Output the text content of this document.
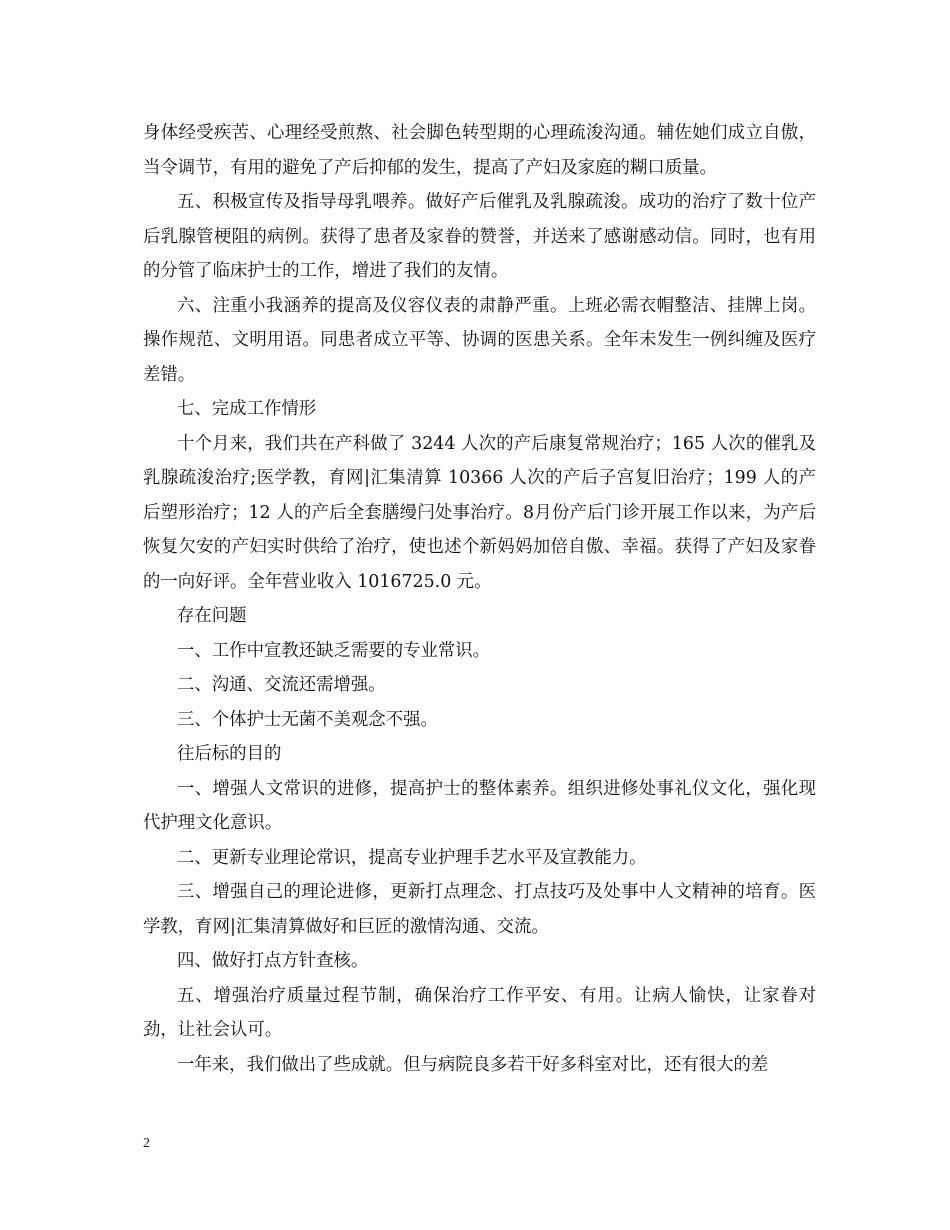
身体经受疾苦、心理经受煎熬、社会脚色转型期的心理疏浚沟通。辅佐她们成立自傲，当令调节，有用的避免了产后抑郁的发生，提高了产妇及家庭的糊口质量。

五、积极宣传及指导母乳喂养。做好产后催乳及乳腺疏浚。成功的治疗了数十位产后乳腺管梗阻的病例。获得了患者及家眷的赞誉，并送来了感谢感动信。同时，也有用的分管了临床护士的工作，增进了我们的友情。

六、注重小我涵养的提高及仪容仪表的肃静严重。上班必需衣帽整洁、挂牌上岗。操作规范、文明用语。同患者成立平等、协调的医患关系。全年未发生一例纠缠及医疗差错。

七、完成工作情形

十个月来，我们共在产科做了 3244 人次的产后康复常规治疗；165 人次的催乳及乳腺疏浚治疗;医学教，育网|汇集清算 10366 人次的产后子宫复旧治疗；199 人的产后塑形治疗；12 人的产后全套膳缦闩处事治疗。8月份产后门诊开展工作以来，为产后恢复欠安的产妇实时供给了治疗，使也述个新妈妈加倍自傲、幸福。获得了产妇及家眷的一向好评。全年营业收入 1016725.0 元。

存在问题

一、工作中宣教还缺乏需要的专业常识。

二、沟通、交流还需增强。

三、个体护士无菌不美观念不强。

往后标的目的

一、增强人文常识的进修，提高护士的整体素养。组织进修处事礼仪文化，强化现代护理文化意识。

二、更新专业理论常识，提高专业护理手艺水平及宣教能力。

三、增强自己的理论进修，更新打点理念、打点技巧及处事中人文精神的培育。医学教，育网|汇集清算做好和巨匠的激情沟通、交流。

四、做好打点方针查核。

五、增强治疗质量过程节制，确保治疗工作平安、有用。让病人愉快，让家眷对劲，让社会认可。

一年来，我们做出了些成就。但与病院良多若干好多科室对比，还有很大的差

2
